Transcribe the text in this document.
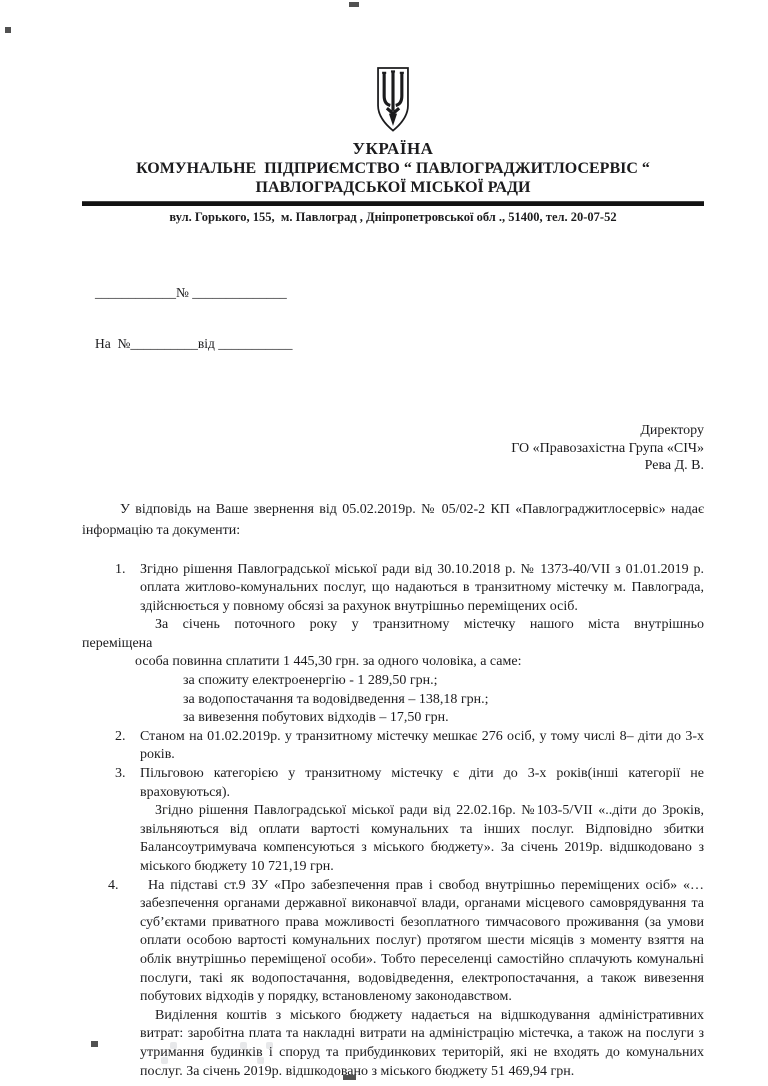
УКРАЇНА
КОМУНАЛЬНЕ  ПІДПРИЄМСТВО “ ПАВЛОГРАДЖИТЛОСЕРВІС “
ПАВЛОГРАДСЬКОЇ МІСЬКОЇ РАДИ
вул. Горького, 155,  м. Павлоград , Дніпропетровської обл ., 51400, тел. 20-07-52

____________№ ______________

На  №__________від ___________

Директору
ГО «Правозахістна Група «СІЧ»
Рева Д. В.

У відповідь на Ваше звернення від 05.02.2019р. № 05/02-2 КП «Павлограджитлосервіс» надає інформацію та документи:

1. Згідно рішення Павлоградської міської ради від 30.10.2018 р. № 1373-40/VII з 01.01.2019 р. оплата житлово-комунальних послуг, що надаються в транзитному містечку м. Павлограда, здійснюється у повному обсязі за рахунок внутрішньо переміщених осіб.
За січень поточного року у транзитному містечку нашого міста внутрішньо
переміщена
особа повинна сплатити 1 445,30 грн. за одного чоловіка, а саме:
за спожиту електроенергію - 1 289,50 грн.;
за водопостачання та водовідведення – 138,18 грн.;
за вивезення побутових відходів – 17,50 грн.
2. Станом на 01.02.2019р. у транзитному містечку мешкає 276 осіб, у тому числі 8– діти до 3-х років.
3. Пільговою категорією у транзитному містечку є діти до 3-х років(інші категорії не враховуються).
Згідно рішення Павлоградської міської ради від 22.02.16р. №103-5/VII «..діти до 3років, звільняються від оплати вартості комунальних та інших послуг. Відповідно збитки Балансоутримувача компенсуються з міського бюджету». За січень 2019р. відшкодовано з міського бюджету 10 721,19 грн.
4.	На підставі ст.9 ЗУ «Про забезпечення прав і свобод внутрішньо переміщених осіб» «… забезпечення органами державної виконавчої влади, органами місцевого самоврядування та суб’єктами приватного права можливості безоплатного тимчасового проживання (за умови оплати особою вартості комунальних послуг) протягом шести місяців з моменту взяття на облік внутрішньо переміщеної особи». Тобто переселенці самостійно сплачують комунальні послуги, такі як водопостачання, водовідведення, електропостачання, а також вивезення побутових відходів у порядку, встановленому законодавством.
Виділення коштів з міського бюджету надається на відшкодування адміністративних витрат: заробітна плата та накладні витрати на адміністрацію містечка, а також на послуги з утримання будинків і споруд та прибудинкових територій, які не входять до комунальних послуг. За січень 2019р. відшкодовано з міського бюджету 51 469,94 грн.
